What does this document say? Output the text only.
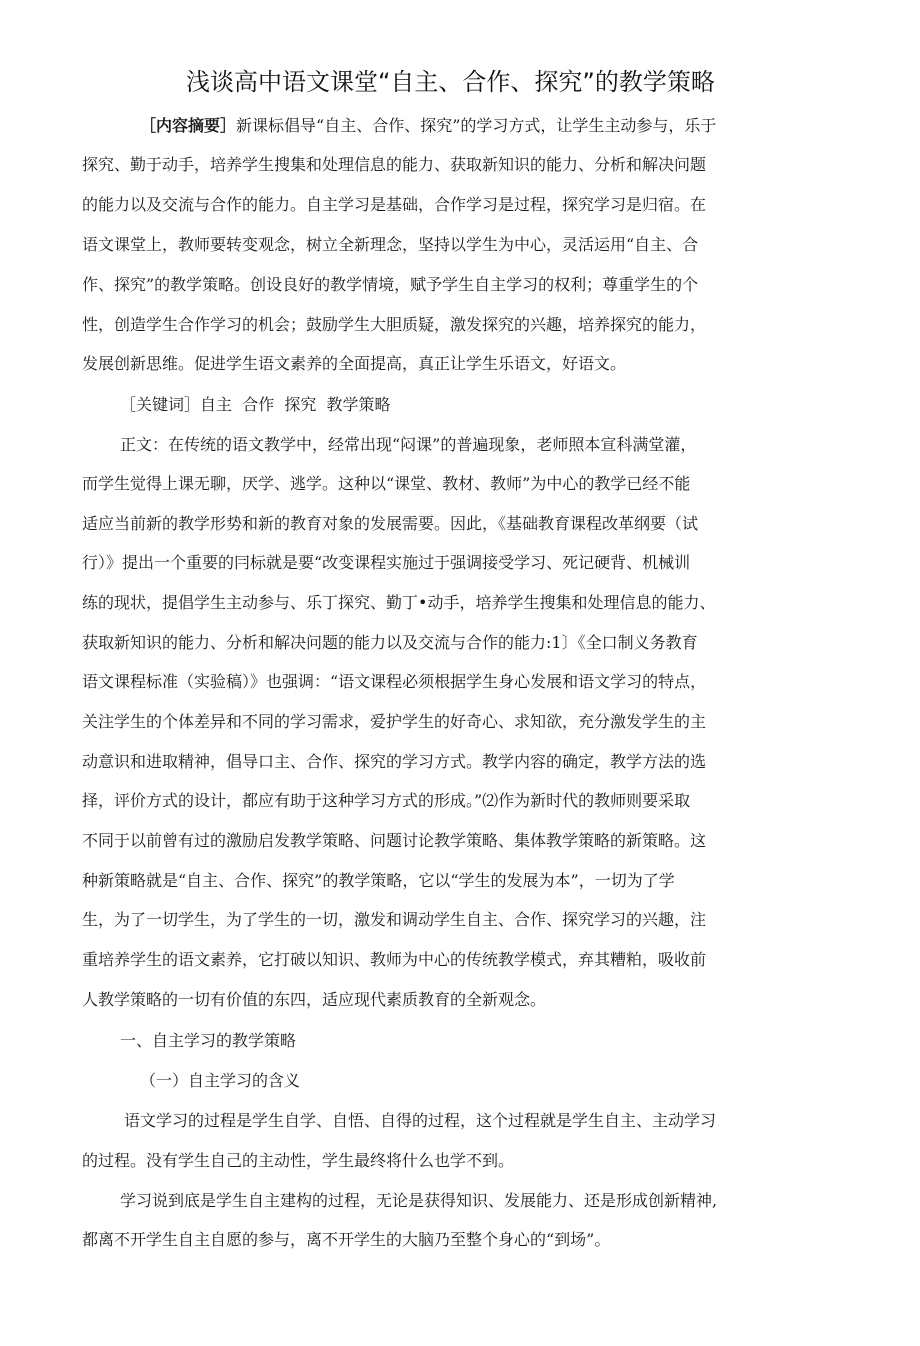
浅谈高中语文课堂“自主、合作、探究”的教学策略
［内容摘要］新课标倡导“自主、合作、探究”的学习方式，让学生主动参与，乐于
探究、勤于动手，培养学生搜集和处理信息的能力、获取新知识的能力、分析和解决问题
的能力以及交流与合作的能力。自主学习是基础，合作学习是过程，探究学习是归宿。在
语文课堂上，教师要转变观念，树立全新理念，坚持以学生为中心，灵活运用“自主、合
作、探究”的教学策略。创设良好的教学情境，赋予学生自主学习的权利；尊重学生的个
性，创造学生合作学习的机会；鼓励学生大胆质疑，激发探究的兴趣，培养探究的能力，
发展创新思维。促进学生语文素养的全面提高，真正让学生乐语文，好语文。
［关键词］自主  合作  探究  教学策略
正文：在传统的语文教学中，经常出现“闷课”的普遍现象，老师照本宣科满堂灌，
而学生觉得上课无聊，厌学、逃学。这种以“课堂、教材、教师”为中心的教学已经不能
适应当前新的教学形势和新的教育对象的发展需要。因此，《基础教育课程改革纲要（试
行）》提出一个重要的冃标就是要“改变课程实施过于强调接受学习、死记硬背、机械训
练的现状，提倡学生主动参与、乐丁探究、勤丁•动手，培养学生搜集和处理信息的能力、
获取新知识的能力、分析和解决问题的能力以及交流与合作的能力:1〕《全口制义务教育
语文课程标准（实验稿）》也强调：“语文课程必须根据学生身心发展和语文学习的特点，
关注学生的个体差异和不同的学习需求，爱护学生的好奇心、求知欲，充分激发学生的主
动意识和进取精神，倡导口主、合作、探究的学习方式。教学内容的确定，教学方法的选
择，评价方式的设计，都应有助于这种学习方式的形成。”⑵作为新时代的教师则要采取
不同于以前曾有过的激励启发教学策略、问题讨论教学策略、集体教学策略的新策略。这
种新策略就是“自主、合作、探究”的教学策略，它以“学生的发展为本”，一切为了学
生，为了一切学生，为了学生的一切，激发和调动学生自主、合作、探究学习的兴趣，注
重培养学生的语文素养，它打破以知识、教师为中心的传统教学模式，弃其糟粕，吸收前
人教学策略的一切有价值的东四，适应现代素质教育的全新观念。
一、自主学习的教学策略
（一）自主学习的含义
语文学习的过程是学生自学、自悟、自得的过程，这个过程就是学生自主、主动学习
的过程。没有学生自己的主动性，学生最终将什么也学不到。
学习说到底是学生自主建构的过程，无论是获得知识、发展能力、还是形成创新精神,
都离不开学生自主自愿的参与，离不开学生的大脑乃至整个身心的“到场”。
